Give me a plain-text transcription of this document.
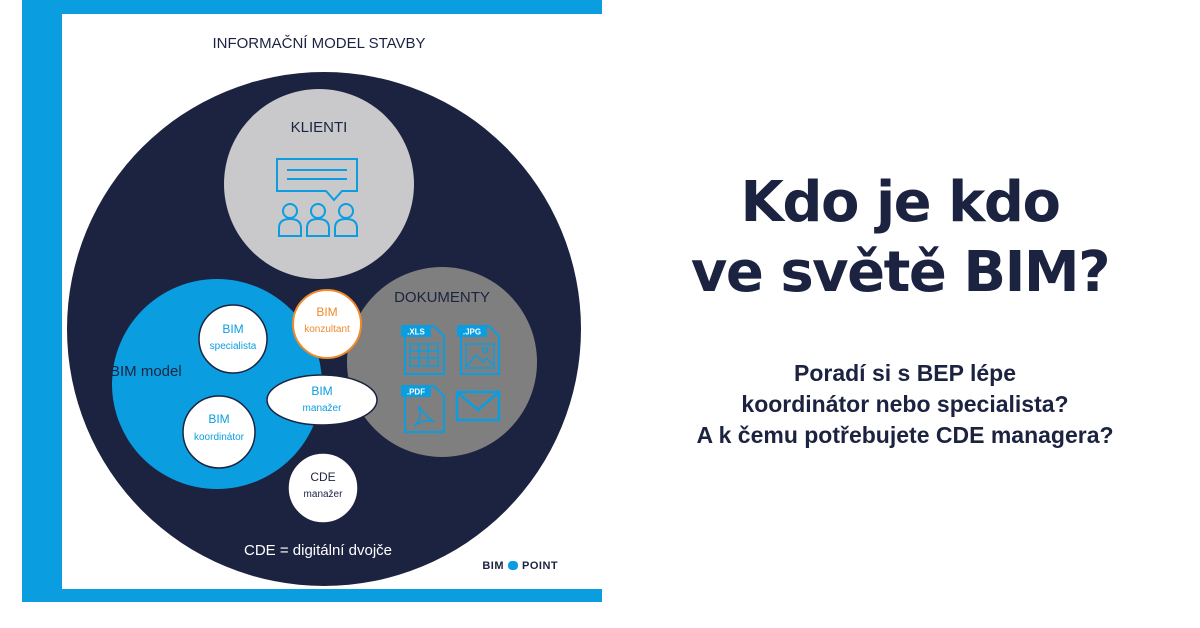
INFORMAČNÍ MODEL STAVBY
KLIENTI
DOKUMENTY
.XLS	.JPG
.PDF
BIM model
BIM
specialista
BIM
koordinátor
BIM
konzultant
BIM
manažer
CDE
manažer
CDE = digitální dvojče
BIM POINT
Kdo je kdo
ve světě BIM?
Poradí si s BEP lépe
koordinátor nebo specialista?
A k čemu potřebujete CDE managera?
